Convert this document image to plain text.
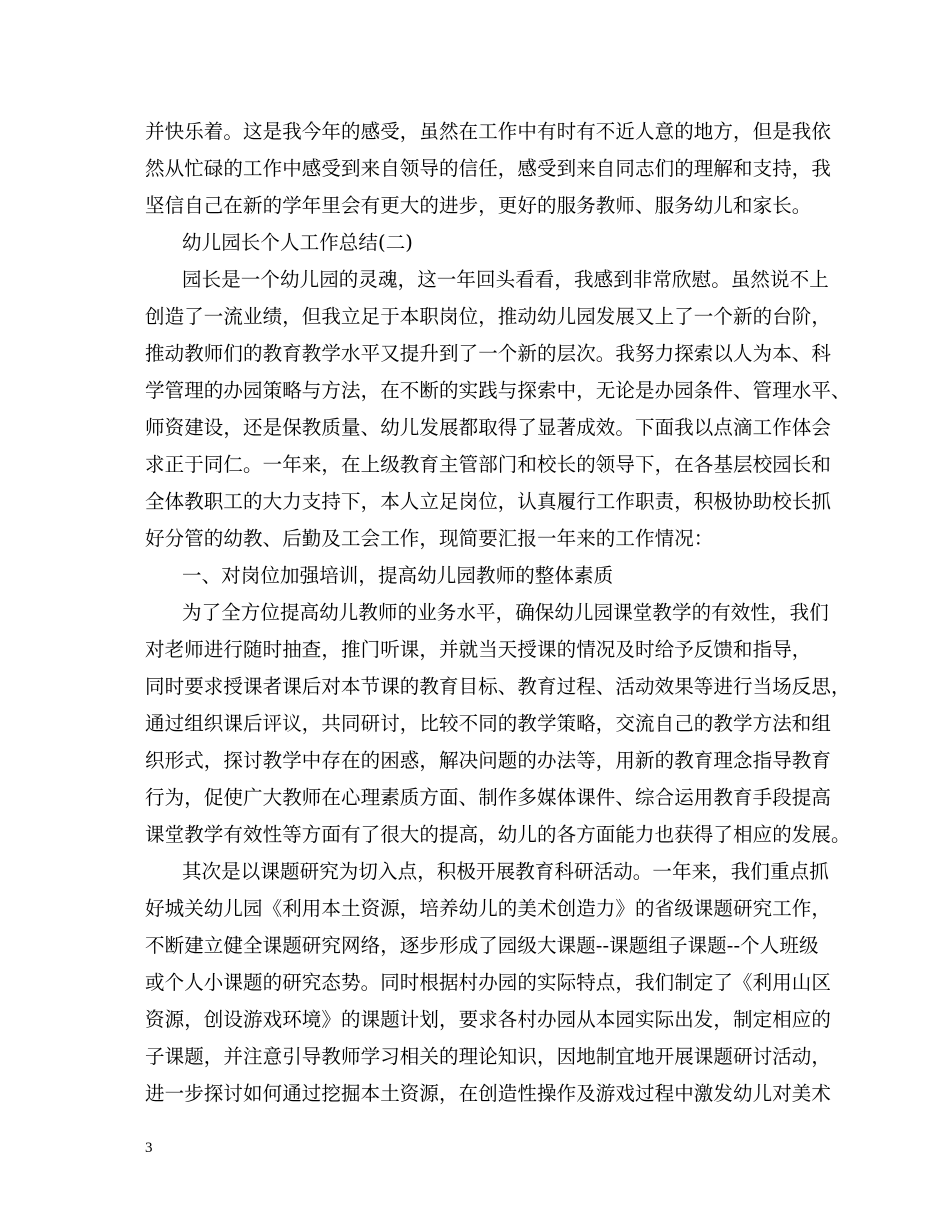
并快乐着。这是我今年的感受，虽然在工作中有时有不近人意的地方，但是我依
然从忙碌的工作中感受到来自领导的信任，感受到来自同志们的理解和支持，我
坚信自己在新的学年里会有更大的进步，更好的服务教师、服务幼儿和家长。
幼儿园长个人工作总结(二)
园长是一个幼儿园的灵魂，这一年回头看看，我感到非常欣慰。虽然说不上
创造了一流业绩，但我立足于本职岗位，推动幼儿园发展又上了一个新的台阶，
推动教师们的教育教学水平又提升到了一个新的层次。我努力探索以人为本、科
学管理的办园策略与方法，在不断的实践与探索中，无论是办园条件、管理水平、
师资建设，还是保教质量、幼儿发展都取得了显著成效。下面我以点滴工作体会
求正于同仁。一年来，在上级教育主管部门和校长的领导下，在各基层校园长和
全体教职工的大力支持下，本人立足岗位，认真履行工作职责，积极协助校长抓
好分管的幼教、后勤及工会工作，现简要汇报一年来的工作情况：
一、对岗位加强培训，提高幼儿园教师的整体素质
为了全方位提高幼儿教师的业务水平，确保幼儿园课堂教学的有效性，我们
对老师进行随时抽查，推门听课，并就当天授课的情况及时给予反馈和指导，
同时要求授课者课后对本节课的教育目标、教育过程、活动效果等进行当场反思，
通过组织课后评议，共同研讨，比较不同的教学策略，交流自己的教学方法和组
织形式，探讨教学中存在的困惑，解决问题的办法等，用新的教育理念指导教育
行为，促使广大教师在心理素质方面、制作多媒体课件、综合运用教育手段提高
课堂教学有效性等方面有了很大的提高，幼儿的各方面能力也获得了相应的发展。
其次是以课题研究为切入点，积极开展教育科研活动。一年来，我们重点抓
好城关幼儿园《利用本土资源，培养幼儿的美术创造力》的省级课题研究工作，
不断建立健全课题研究网络，逐步形成了园级大课题--课题组子课题--个人班级
或个人小课题的研究态势。同时根据村办园的实际特点，我们制定了《利用山区
资源，创设游戏环境》的课题计划，要求各村办园从本园实际出发，制定相应的
子课题，并注意引导教师学习相关的理论知识，因地制宜地开展课题研讨活动，
进一步探讨如何通过挖掘本土资源，在创造性操作及游戏过程中激发幼儿对美术
3
